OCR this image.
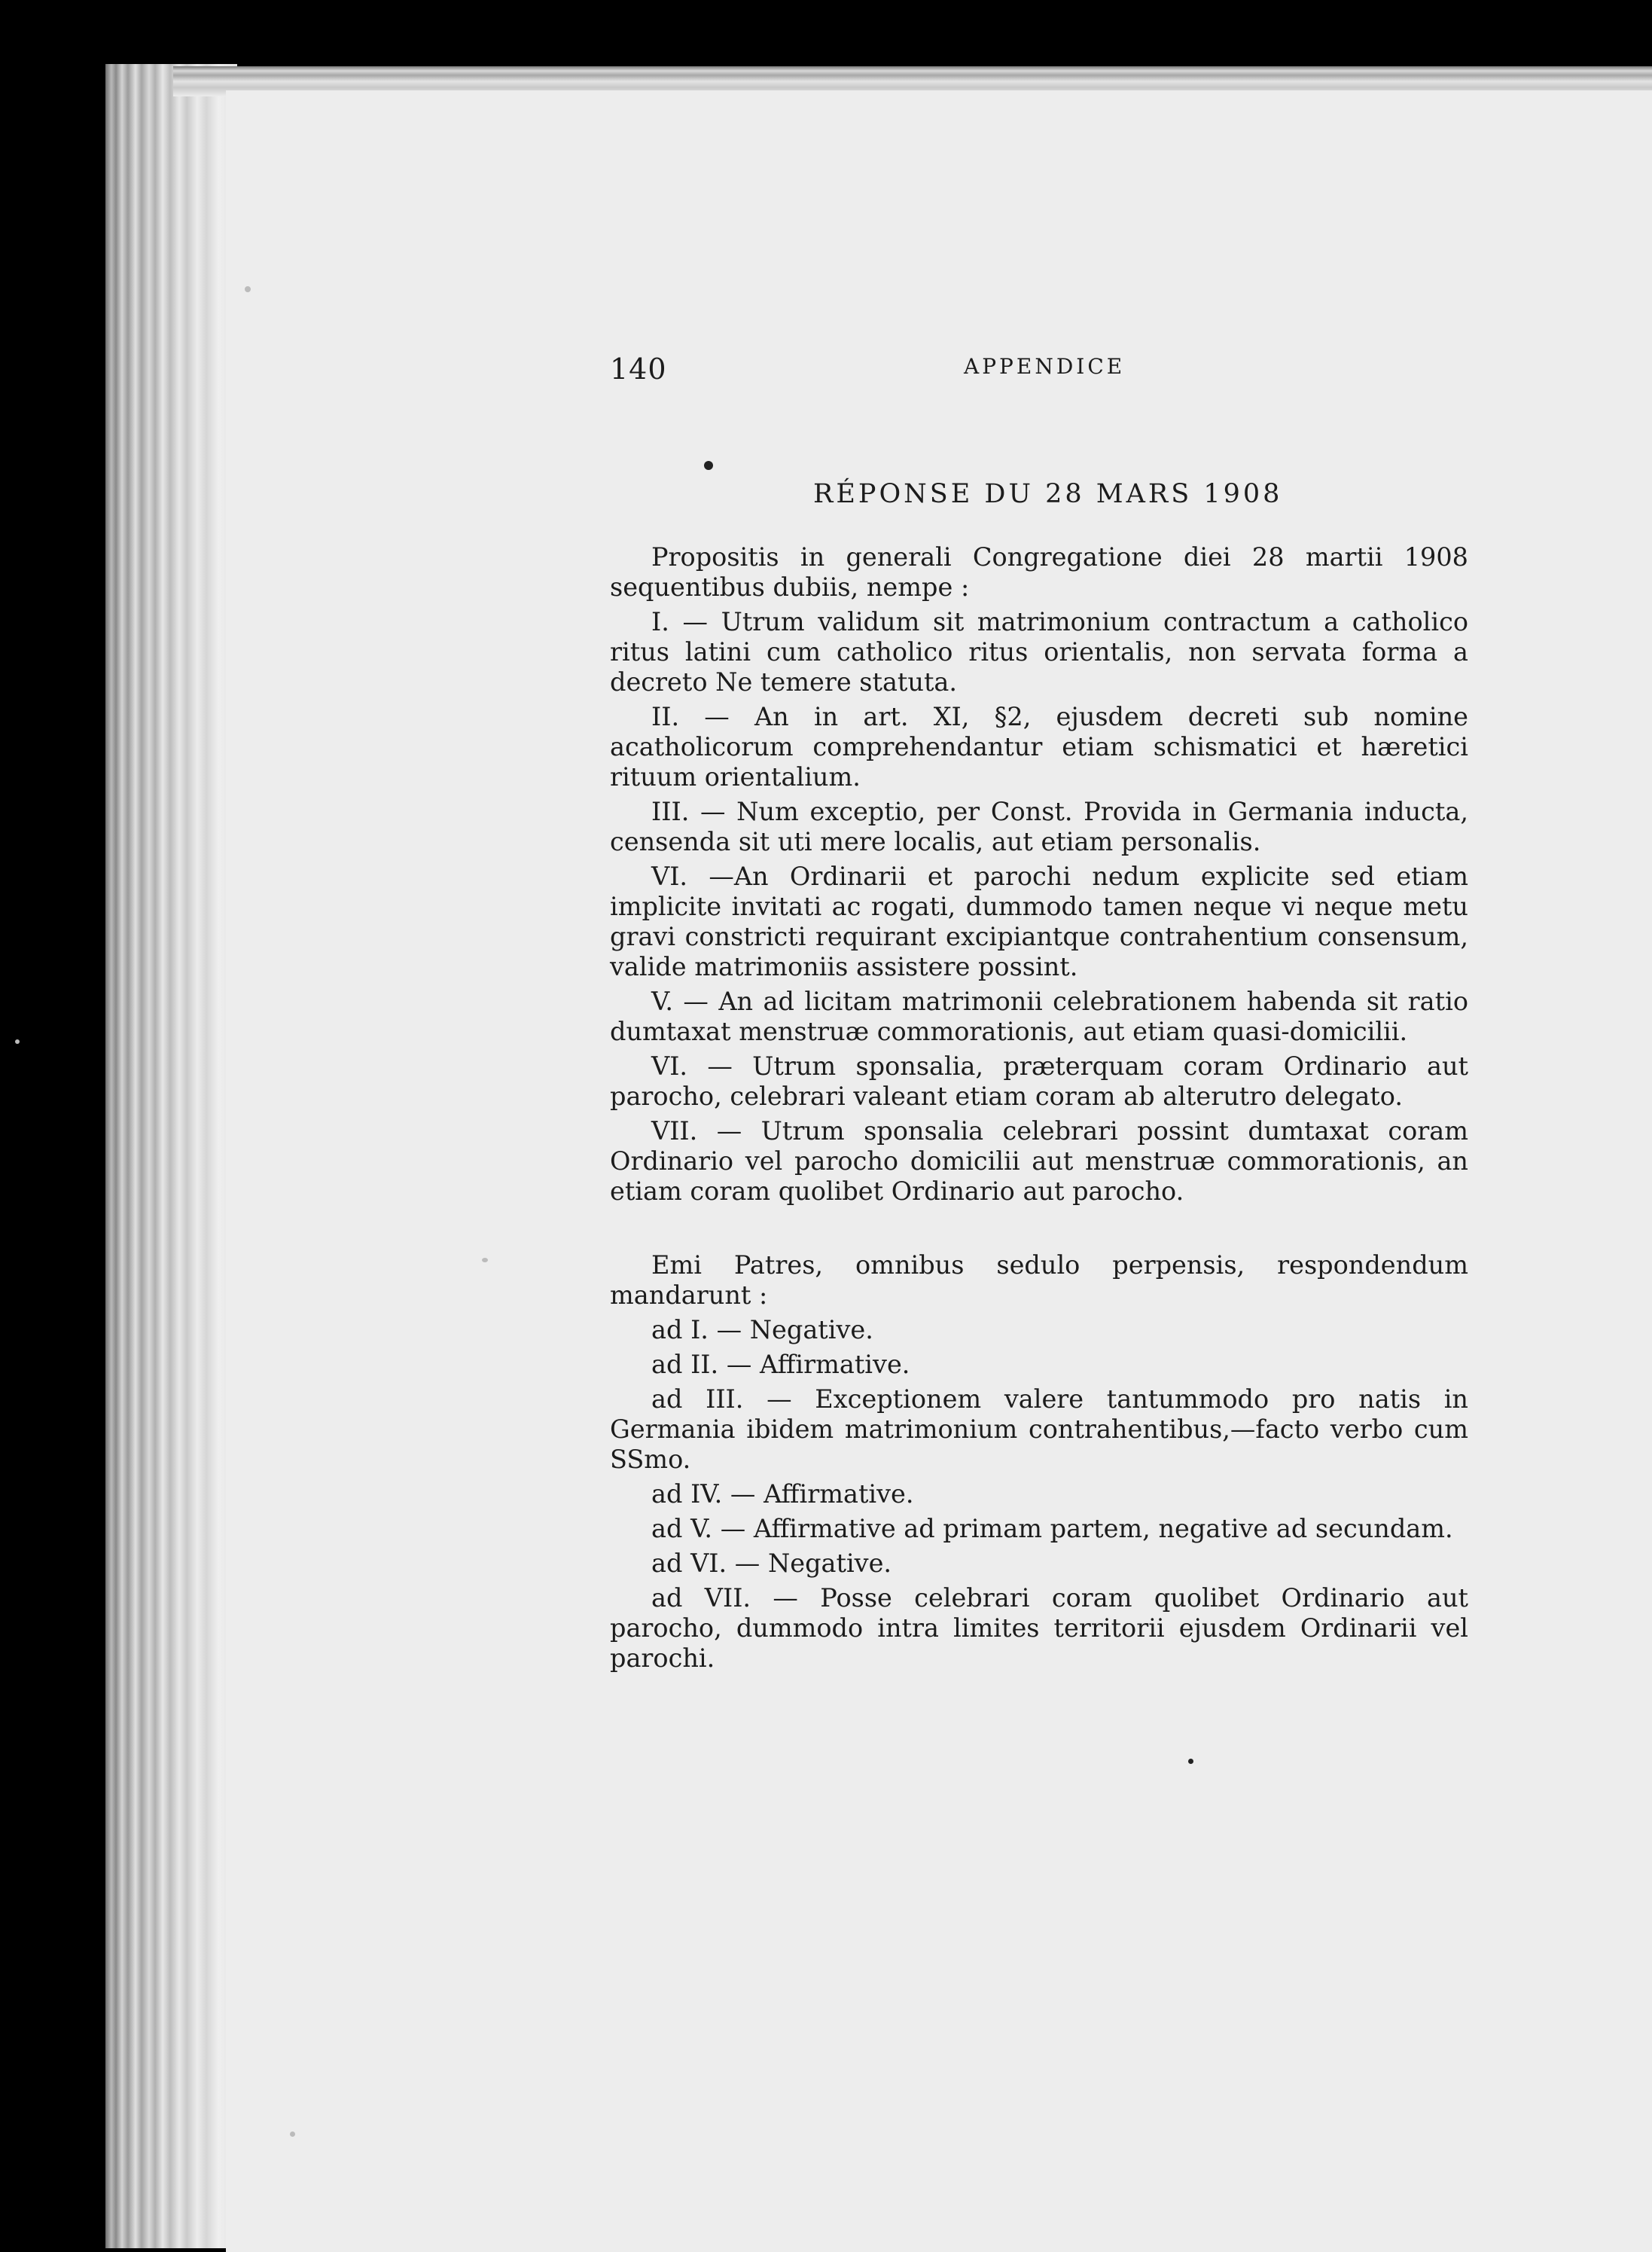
140	APPENDICE
RÉPONSE DU 28 MARS 1908

Propositis in generali Congregatione diei 28 martii 1908 sequentibus dubiis, nempe :

I. — Utrum validum sit matrimonium contractum a catholico ritus latini cum catholico ritus orientalis, non servata forma a decreto Ne temere statuta.

II. — An in art. XI, §2, ejusdem decreti sub nomine acatholicorum comprehendantur etiam schismatici et hæretici rituum orientalium.

III. — Num exceptio, per Const. Provida in Germania inducta, censenda sit uti mere localis, aut etiam personalis.

VI. —An Ordinarii et parochi nedum explicite sed etiam implicite invitati ac rogati, dummodo tamen neque vi neque metu gravi constricti requirant excipiantque contrahentium consensum, valide matrimoniis assistere possint.

V. — An ad licitam matrimonii celebrationem habenda sit ratio dumtaxat menstruæ commorationis, aut etiam quasi-domicilii.

VI. — Utrum sponsalia, præterquam coram Ordinario aut parocho, celebrari valeant etiam coram ab alterutro delegato.

VII. — Utrum sponsalia celebrari possint dumtaxat coram Ordinario vel parocho domicilii aut menstruæ commorationis, an etiam coram quolibet Ordinario aut parocho.

Emi Patres, omnibus sedulo perpensis, respondendum mandarunt :

ad I. — Negative.

ad II. — Affirmative.

ad III. — Exceptionem valere tantummodo pro natis in Germania ibidem matrimonium contrahentibus,—facto verbo cum SSmo.

ad IV. — Affirmative.

ad V. — Affirmative ad primam partem, negative ad secundam.

ad VI. — Negative.

ad VII. — Posse celebrari coram quolibet Ordinario aut parocho, dummodo intra limites territorii ejusdem Ordinarii vel parochi.
